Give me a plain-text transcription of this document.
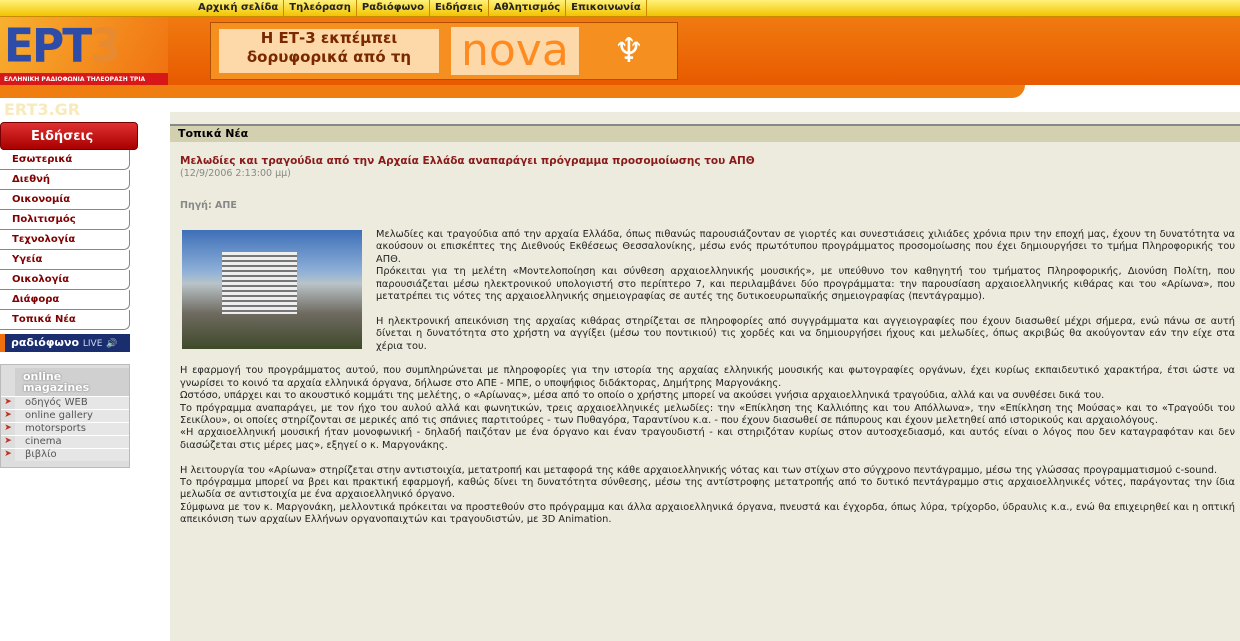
Αρχική σελίδα	Τηλεόραση	Ραδιόφωνο	Ειδήσεις	Αθλητισμός	Επικοινωνία
ΕΡΤ3
ΕΛΛΗΝΙΚΗ ΡΑΔΙΟΦΩΝΙΑ ΤΗΛΕΟΡΑΣΗ ΤΡΙΑ
Η ΕΤ-3 εκπέμπει
δορυφορικά από τη	nova ♆
ERT3.GR
Ειδήσεις
Εσωτερικά
Διεθνή
Οικονομία
Πολιτισμός
Τεχνολογία
Υγεία
Οικολογία
Διάφορα
Τοπικά Νέα
ραδιόφωνο LIVE 🔊
online
magazines
➤	οδηγός WEB
➤	online gallery
➤	motorsports
➤	cinema
➤	βιβλίο
Τοπικά Νέα
Μελωδίες και τραγούδια από την Αρχαία Ελλάδα αναπαράγει πρόγραμμα προσομοίωσης του ΑΠΘ
(12/9/2006 2:13:00 μμ)
Πηγή: ΑΠΕ

Μελωδίες και τραγούδια από την αρχαία Ελλάδα, όπως πιθανώς παρουσιάζονταν σε γιορτές και συνεστιάσεις χιλιάδες χρόνια πριν την εποχή μας, έχουν τη δυνατότητα να ακούσουν οι επισκέπτες της Διεθνούς Εκθέσεως Θεσσαλονίκης, μέσω ενός πρωτότυπου προγράμματος προσομοίωσης που έχει δημιουργήσει το τμήμα Πληροφορικής του ΑΠΘ.
Πρόκειται για τη μελέτη «Μοντελοποίηση και σύνθεση αρχαιοελληνικής μουσικής», με υπεύθυνο τον καθηγητή του τμήματος Πληροφορικής, Διονύση Πολίτη, που παρουσιάζεται μέσω ηλεκτρονικού υπολογιστή στο περίπτερο 7, και περιλαμβάνει δύο προγράμματα: την παρουσίαση αρχαιοελληνικής κιθάρας και του «Αρίωνα», που μετατρέπει τις νότες της αρχαιοελληνικής σημειογραφίας σε αυτές της δυτικοευρωπαϊκής σημειογραφίας (πεντάγραμμο).

Η ηλεκτρονική απεικόνιση της αρχαίας κιθάρας στηρίζεται σε πληροφορίες από συγγράμματα και αγγειογραφίες που έχουν διασωθεί μέχρι σήμερα, ενώ πάνω σε αυτή δίνεται η δυνατότητα στο χρήστη να αγγίξει (μέσω του ποντικιού) τις χορδές και να δημιουργήσει ήχους και μελωδίες, όπως ακριβώς θα ακούγονταν εάν την είχε στα χέρια του.

Η εφαρμογή του προγράμματος αυτού, που συμπληρώνεται με πληροφορίες για την ιστορία της αρχαίας ελληνικής μουσικής και φωτογραφίες οργάνων, έχει κυρίως εκπαιδευτικό χαρακτήρα, έτσι ώστε να γνωρίσει το κοινό τα αρχαία ελληνικά όργανα, δήλωσε στο ΑΠΕ - ΜΠΕ, ο υποψήφιος διδάκτορας, Δημήτρης Μαργονάκης.
Ωστόσο, υπάρχει και το ακουστικό κομμάτι της μελέτης, ο «Αρίωνας», μέσα από το οποίο ο χρήστης μπορεί να ακούσει γνήσια αρχαιοελληνικά τραγούδια, αλλά και να συνθέσει δικά του.
Το πρόγραμμα αναπαράγει, με τον ήχο του αυλού αλλά και φωνητικών, τρεις αρχαιοελληνικές μελωδίες: την «Επίκληση της Καλλιόπης και του Απόλλωνα», την «Επίκληση της Μούσας» και το «Τραγούδι του Σεικίλου», οι οποίες στηρίζονται σε μερικές από τις σπάνιες παρτιτούρες - των Πυθαγόρα, Ταραντίνου κ.α. - που έχουν διασωθεί σε πάπυρους και έχουν μελετηθεί από ιστορικούς και αρχαιολόγους.
«Η αρχαιοελληνική μουσική ήταν μονοφωνική - δηλαδή παιζόταν με ένα όργανο και έναν τραγουδιστή - και στηριζόταν κυρίως στον αυτοσχεδιασμό, και αυτός είναι ο λόγος που δεν καταγραφόταν και δεν διασώζεται στις μέρες μας», εξηγεί ο κ. Μαργονάκης.

Η λειτουργία του «Αρίωνα» στηρίζεται στην αντιστοιχία, μετατροπή και μεταφορά της κάθε αρχαιοελληνικής νότας και των στίχων στο σύγχρονο πεντάγραμμο, μέσω της γλώσσας προγραμματισμού c-sound.
Το πρόγραμμα μπορεί να βρει και πρακτική εφαρμογή, καθώς δίνει τη δυνατότητα σύνθεσης, μέσω της αντίστροφης μετατροπής από το δυτικό πεντάγραμμο στις αρχαιοελληνικές νότες, παράγοντας την ίδια μελωδία σε αντιστοιχία με ένα αρχαιοελληνικό όργανο.
Σύμφωνα με τον κ. Μαργονάκη, μελλοντικά πρόκειται να προστεθούν στο πρόγραμμα και άλλα αρχαιοελληνικά όργανα, πνευστά και έγχορδα, όπως λύρα, τρίχορδο, ύδραυλις κ.α., ενώ θα επιχειρηθεί και η οπτική απεικόνιση των αρχαίων Ελλήνων οργανοπαιχτών και τραγουδιστών, με 3D Animation.
